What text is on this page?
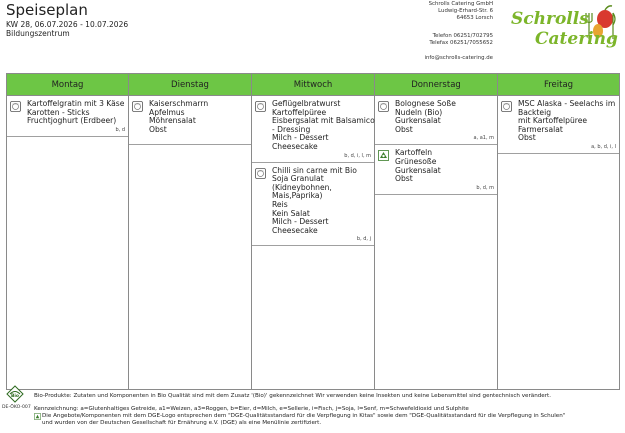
Speiseplan
KW 28, 06.07.2026 - 10.07.2026
Bildungszentrum
Schrolls Catering GmbH
Ludwig-Erhard-Str. 6
64653 Lorsch
Telefon 06251/702795
Telefax 06251/7055652
info@schrolls-catering.de
Schrolls
Catering
Montag
Kartoffelgratin mit 3 Käse
Karotten - Sticks
Fruchtjoghurt (Erdbeer)
b, d
Dienstag
Kaiserschmarrn
Apfelmus
Möhrensalat
Obst

Mittwoch
Geflügelbratwurst
Kartoffelpüree
Eisbergsalat mit Balsamico
- Dressing
Milch - Dessert
Cheesecake
b, d, i, l, m
Chilli sin carne mit Bio
Soja Granulat
(Kidneybohnen,
Mais,Paprika)
Reis
Kein Salat
Milch - Dessert
Cheesecake
b, d, j
Donnerstag
Bolognese Soße
Nudeln (Bio)
Gurkensalat
Obst
a, a1, m
Kartoffeln
Grünesoße
Gurkensalat
Obst
b, d, m
Freitag
MSC Alaska - Seelachs im
Backteig
mit Kartoffelpüree
Farmersalat
Obst
a, b, d, i, l
Bio
DE-ÖKO-007
Bio-Produkte: Zutaten und Komponenten in Bio Qualität sind mit dem Zusatz '(Bio)' gekennzeichnet Wir verwenden keine Insekten und keine Lebensmittel sind gentechnisch verändert.
Kennzeichnung: a=Glutenhaltiges Getreide, a1=Weizen, a3=Roggen, b=Eier, d=Milch, e=Sellerie, i=Fisch, j=Soja, l=Senf, m=Schwefeldioxid und Sulphite
Die Angebote/Komponenten mit dem DGE-Logo entsprechen dem "DGE-Qualitätsstandard für die Verpflegung in Kitas" sowie dem "DGE-Qualitätsstandard für die Verpflegung in Schulen"
und wurden von der Deutschen Gesellschaft für Ernährung e.V. (DGE) als eine Menülinie zertifiziert.
